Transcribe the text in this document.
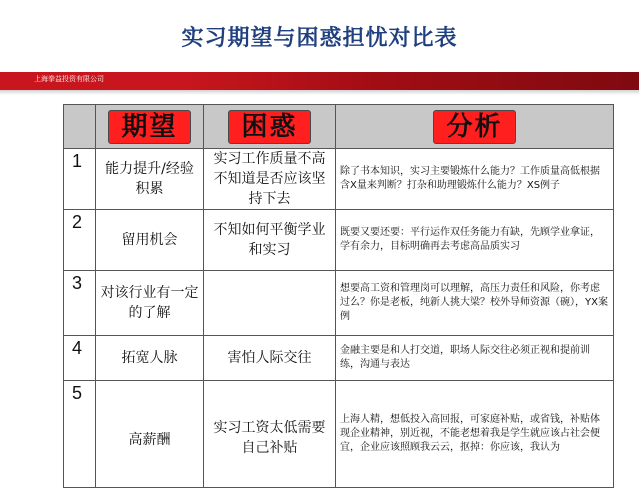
实习期望与困惑担忧对比表
上海拳益投资有限公司
	期望	困惑	分析
1	能力提升/经验积累	实习工作质量不高不知道是否应该坚持下去	除了书本知识，实习主要锻炼什么能力？工作质量高低根据含X量来判断？打杂和助理锻炼什么能力？XS例子

2	留用机会	不知如何平衡学业和实习	既要又要还要：平行运作双任务能力有缺，先顾学业拿证，学有余力，目标明确再去考虑高品质实习

3	对该行业有一定的了解		想要高工资和管理岗可以理解，高压力责任和风险，你考虑过么？你是老板，纯新人挑大梁？校外导师资源（碗），YX案例

4	拓宽人脉	害怕人际交往	金融主要是和人打交道，职场人际交往必须正视和提前训练，沟通与表达

5	高薪酬	实习工资太低需要自己补贴	上海人精，想低投入高回报，可家庭补贴，或省钱，补贴体现企业精神，别近视，不能老想着我是学生就应该占社会便宜，企业应该照顾我云云，抠掉：你应该，我认为
